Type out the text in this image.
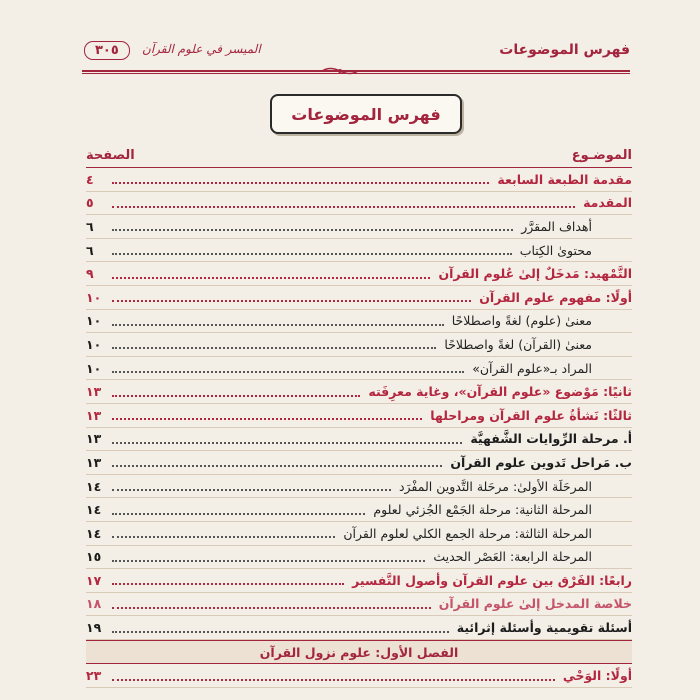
فهرس الموضوعات
الميسر في علوم القرآن
٣٠٥
فهرس الموضوعات
الموضـوع
الصفحة
مقدمة الطبعة السابعة
٤
المقدمة
٥
أهداف المقرَّر
٦
محتوىٰ الكِتاب
٦
التَّمْهيد: مَدخَلٌ إلىٰ عُلوم القرآن
٩
أولًا: مفهوم علوم القرآن
١٠
معنىٰ (علوم) لغةً واصطلاحًا
١٠
معنىٰ (القرآن) لغةً واصطلاحًا
١٠
المراد بـ«علوم القرآن»
١٠
ثانيًا: مَوْضوع «علوم القرآن»، وغاية معرِفَته
١٣
ثالثًا: نَشأةُ علوم القرآن ومراحلها
١٣
أ. مرحلة الرِّوايات الشَّفهيَّة
١٣
ب. مَراحل تَدوين علوم القرآن
١٣
المرحَلَة الأولىٰ: مرحَلة التَّدوين المفْرَد
١٤
المرحلة الثانية: مرحلة الجَمْع الجُزئي لعلوم
١٤
المرحلة الثالثة: مرحلة الجمع الكلي لعلوم القرآن
١٤
المرحلة الرابعة: العَصْر الحديث
١٥
رابعًا: الفَرْق بين علوم القرآن وأصول التَّفسير
١٧
خلاصة المدخل إلىٰ علوم القرآن
١٨
أسئلة تقويمية وأسئلة إثرائية
١٩
الفصل الأول: علوم نزول القرآن
أولًا: الوَحْي
٢٣
